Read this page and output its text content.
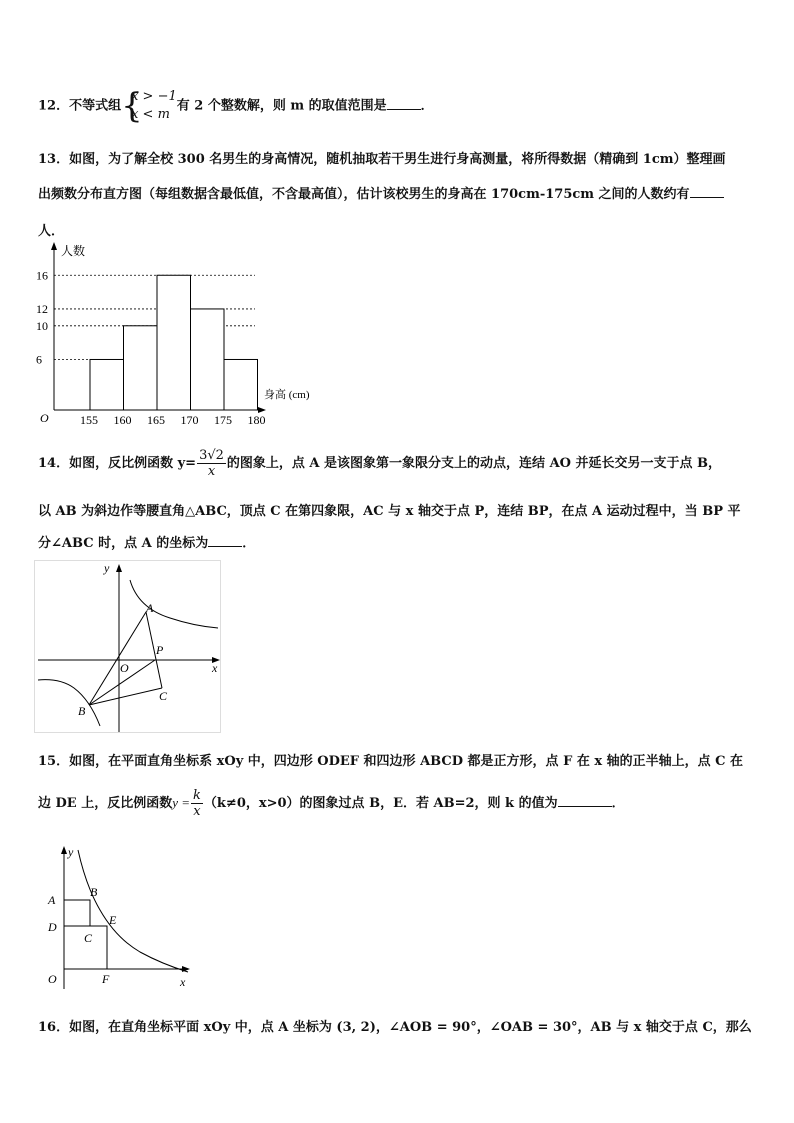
12．不等式组 {
x > −1
x < m
有 2 个整数解，则 m 的取值范围是	．
13．如图，为了解全校 300 名男生的身高情况，随机抽取若干男生进行身高测量，将所得数据（精确到 1cm）整理画
出频数分布直方图（每组数据含最低值，不含最高值），估计该校男生的身高在 170cm-175cm 之间的人数约有
人．
6
10
12
16
155 160 165 170 175 180
人数
身高 (cm)
O
14．如图，反比例函数 $y= \frac{3√2}{x}$ 的图象上，点 A 是该图象第一象限分支上的动点，连结 AO 并延长交另一支于点 B，
以 AB 为斜边作等腰直角△ABC，顶点 C 在第四象限，AC 与 x 轴交于点 P，连结 BP，在点 A 运动过程中，当 BP 平
分∠ABC 时，点 A 的坐标为	．
y
x
A
B
C
O
P
15．如图，在平面直角坐标系 xOy 中，四边形 ODEF 和四边形 ABCD 都是正方形，点 F 在 x 轴的正半轴上，点 C 在
边 DE 上，反比例函数$y = \frac{k}{x} (k\ne 0$，x>0）的图象过点 B，E．若 AB=2，则 k 的值为	．
A
B
C
D	E
F
O
y
x
16．如图，在直角坐标平面 xOy 中，点 A 坐标为 (3, 2)，∠AOB = 90°，∠OAB = 30°，AB 与 x 轴交于点 C，那么
